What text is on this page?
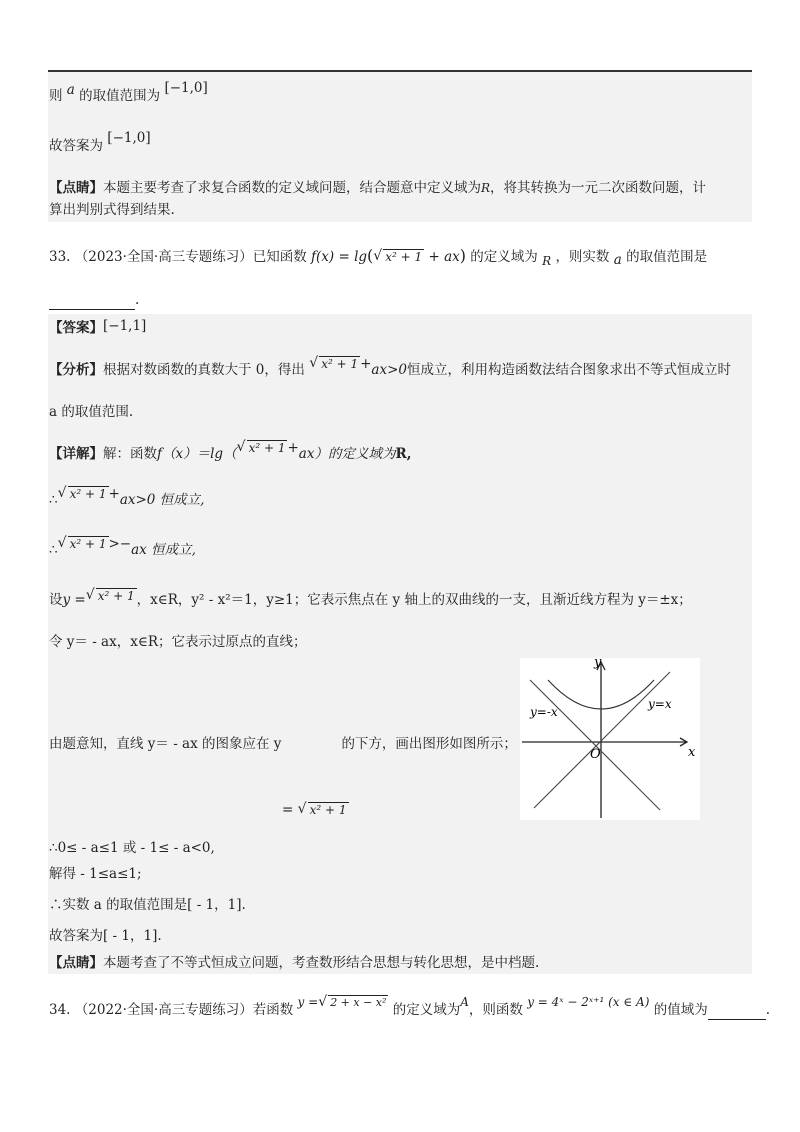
则 a 的取值范围为 [−1,0]
故答案为 [−1,0]
【点睛】本题主要考查了求复合函数的定义域问题，结合题意中定义域为R，将其转换为一元二次函数问题，计
算出判别式得到结果.
33. （2023·全国·高三专题练习）已知函数 f(x) = lg( √ x² + 1 + ax) 的定义域为 R ，则实数 a 的取值范围是
.
【答案】[−1,1]
【分析】根据对数函数的真数大于 0，得出 √ x² + 1 +ax>0恒成立，利用构造函数法结合图象求出不等式恒成立时
a 的取值范围.
【详解】解：函数f（x）＝lg（ √ x² + 1 +ax）的定义域为R,
∴ √ x² + 1 +ax>0 恒成立,
∴ √ x² + 1 >−ax 恒成立,
设y = √ x² + 1 ，x∈R，y² - x²＝1，y≥1；它表示焦点在 y 轴上的双曲线的一支，且渐近线方程为 y＝±x；
令 y＝ - ax，x∈R；它表示过原点的直线；
由题意知，直线 y＝ - ax 的图象应在 y	的下方，画出图形如图所示；
= √ x² + 1
y
x
O
y=-x
y=x
∴0≤ - a≤1 或 - 1≤ - a<0,
解得 - 1≤a≤1;
∴实数 a 的取值范围是[ - 1，1].
故答案为[ - 1，1].
【点睛】本题考查了不等式恒成立问题，考查数形结合思想与转化思想，是中档题.
34. （2022·全国·高三专题练习）若函数 y = √ 2 + x − x² 的定义域为A，则函数 y = 4ˣ − 2ˣ⁺¹ (x ∈ A) 的值域为	.
